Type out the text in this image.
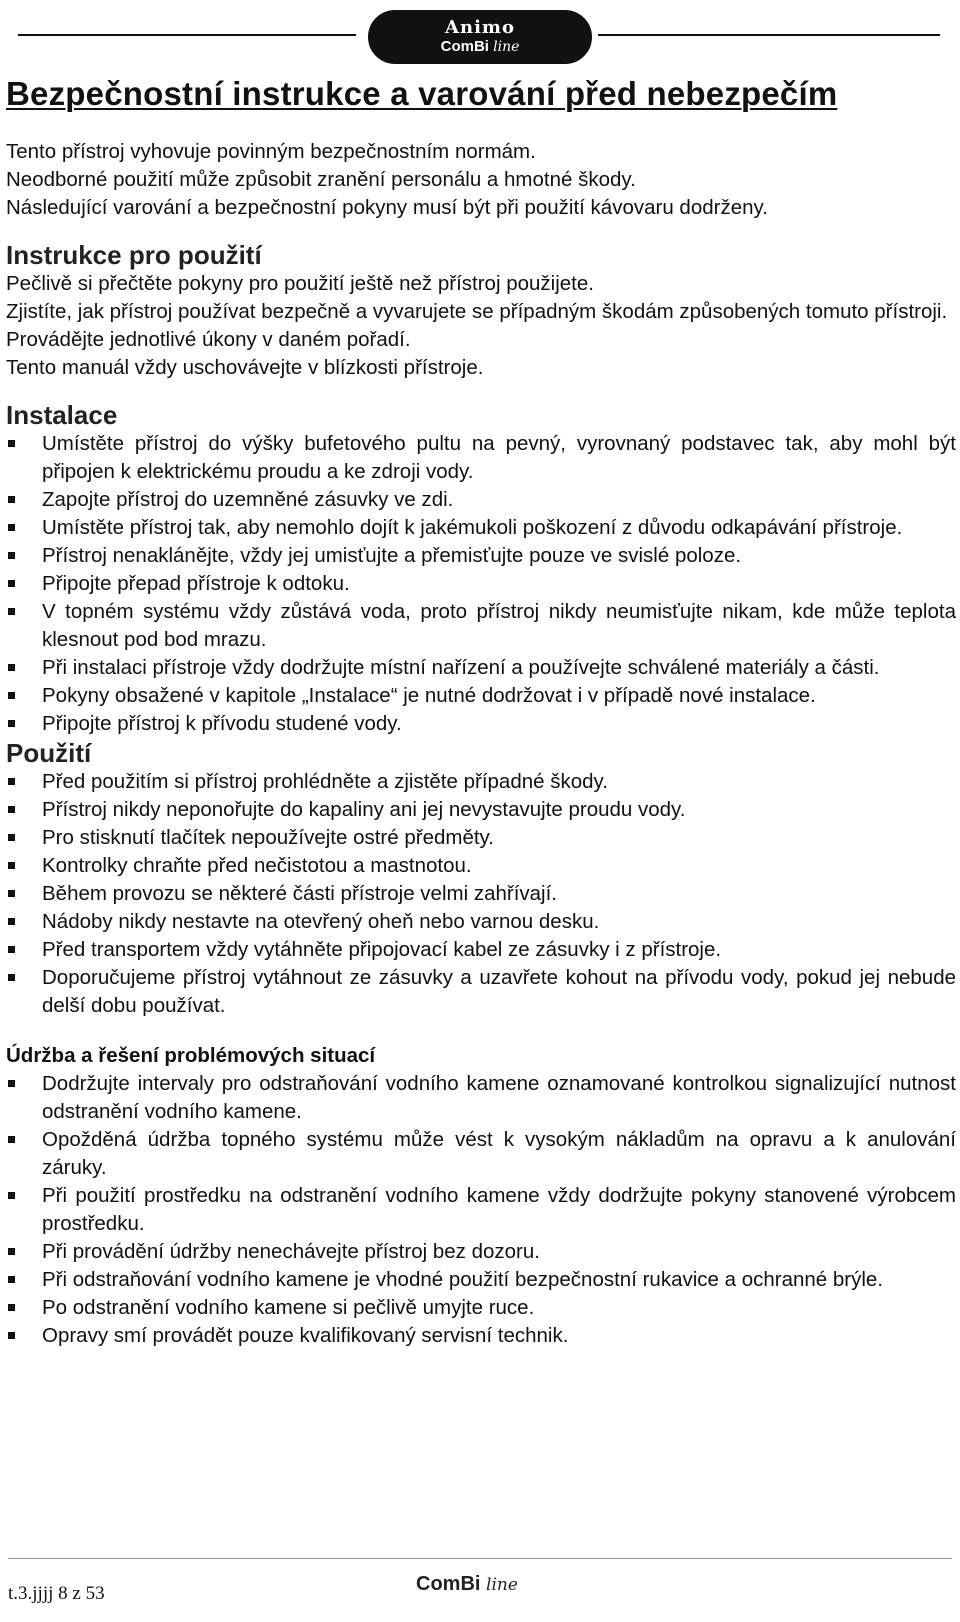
Animo
ComBi line
Bezpečnostní instrukce a varování před nebezpečím

Tento přístroj vyhovuje povinným bezpečnostním normám.

Neodborné použití může způsobit zranění personálu a hmotné škody.

Následující varování a bezpečnostní pokyny musí být při použití kávovaru dodrženy.

Instrukce pro použití

Pečlivě si přečtěte pokyny pro použití ještě než přístroj použijete.

Zjistíte, jak přístroj používat bezpečně a vyvarujete se případným škodám způsobených tomuto přístroji.

Provádějte jednotlivé úkony v daném pořadí.

Tento manuál vždy uschovávejte v blízkosti přístroje.

Instalace
Umístěte přístroj do výšky bufetového pultu na pevný, vyrovnaný podstavec tak, aby mohl být připojen k elektrickému proudu a ke zdroji vody.
Zapojte přístroj do uzemněné zásuvky ve zdi.
Umístěte přístroj tak, aby nemohlo dojít k jakémukoli poškození z důvodu odkapávání přístroje.
Přístroj nenaklánějte, vždy jej umisťujte a přemisťujte pouze ve svislé poloze.
Připojte přepad přístroje k odtoku.
V topném systému vždy zůstává voda, proto přístroj nikdy neumisťujte nikam, kde může teplota klesnout pod bod mrazu.
Při instalaci přístroje vždy dodržujte místní nařízení a používejte schválené materiály a části.
Pokyny obsažené v kapitole „Instalace“ je nutné dodržovat i v případě nové instalace.
Připojte přístroj k přívodu studené vody.
Použití
Před použitím si přístroj prohlédněte a zjistěte případné škody.
Přístroj nikdy neponořujte do kapaliny ani jej nevystavujte proudu vody.
Pro stisknutí tlačítek nepoužívejte ostré předměty.
Kontrolky chraňte před nečistotou a mastnotou.
Během provozu se některé části přístroje velmi zahřívají.
Nádoby nikdy nestavte na otevřený oheň nebo varnou desku.
Před transportem vždy vytáhněte připojovací kabel ze zásuvky i z přístroje.
Doporučujeme přístroj vytáhnout ze zásuvky a uzavřete kohout na přívodu vody, pokud jej nebude delší dobu používat.
Údržba a řešení problémových situací
Dodržujte intervaly pro odstraňování vodního kamene oznamované kontrolkou signalizující nutnost odstranění vodního kamene.
Opožděná údržba topného systému může vést k vysokým nákladům na opravu a k anulování záruky.
Při použití prostředku na odstranění vodního kamene vždy dodržujte pokyny stanovené výrobcem prostředku.
Při provádění údržby nenechávejte přístroj bez dozoru.
Při odstraňování vodního kamene je vhodné použití bezpečnostní rukavice a ochranné brýle.
Po odstranění vodního kamene si pečlivě umyjte ruce.
Opravy smí provádět pouze kvalifikovaný servisní technik.
t.3.jjjj 8 z 53	ComBi line
